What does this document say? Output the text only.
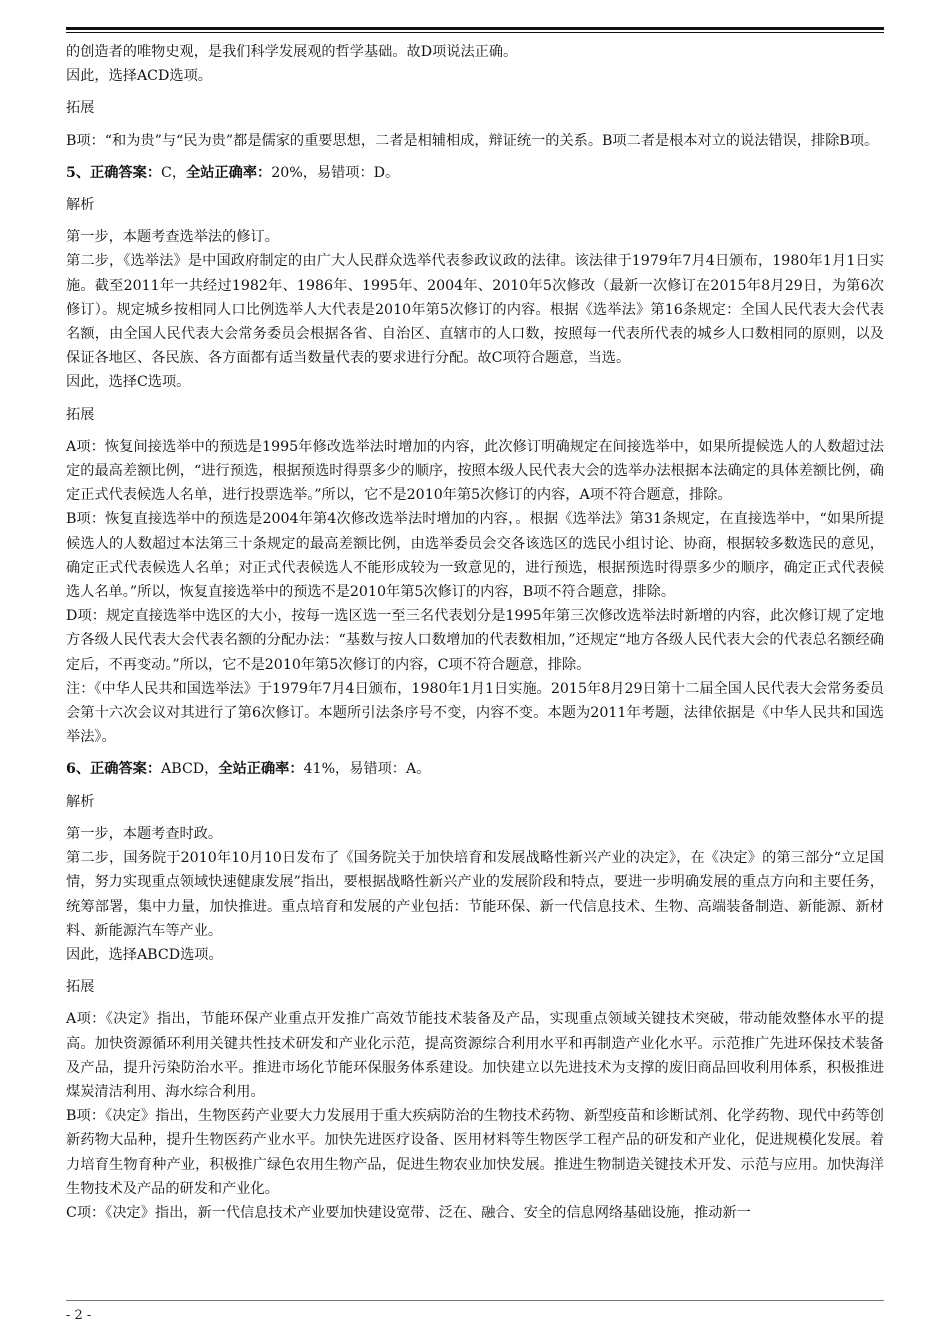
的创造者的唯物史观，是我们科学发展观的哲学基础。故D项说法正确。

因此，选择ACD选项。

拓展

B项：“和为贵”与“民为贵”都是儒家的重要思想，二者是相辅相成，辩证统一的关系。B项二者是根本对立的说法错误，排除B项。

5、正确答案：C，全站正确率：20%，易错项：D。

解析

第一步，本题考查选举法的修订。

第二步，《选举法》是中国政府制定的由广大人民群众选举代表参政议政的法律。该法律于1979年7月4日颁布，1980年1月1日实施。截至2011年一共经过1982年、1986年、1995年、2004年、2010年5次修改（最新一次修订在2015年8月29日，为第6次修订）。规定城乡按相同人口比例选举人大代表是2010年第5次修订的内容。根据《选举法》第16条规定：全国人民代表大会代表名额，由全国人民代表大会常务委员会根据各省、自治区、直辖市的人口数，按照每一代表所代表的城乡人口数相同的原则，以及保证各地区、各民族、各方面都有适当数量代表的要求进行分配。故C项符合题意，当选。

因此，选择C选项。

拓展

A项：恢复间接选举中的预选是1995年修改选举法时增加的内容，此次修订明确规定在间接选举中，如果所提候选人的人数超过法定的最高差额比例，“进行预选，根据预选时得票多少的顺序，按照本级人民代表大会的选举办法根据本法确定的具体差额比例，确定正式代表候选人名单，进行投票选举。”所以，它不是2010年第5次修订的内容，A项不符合题意，排除。

B项：恢复直接选举中的预选是2004年第4次修改选举法时增加的内容，。根据《选举法》第31条规定，在直接选举中，“如果所提候选人的人数超过本法第三十条规定的最高差额比例，由选举委员会交各该选区的选民小组讨论、协商，根据较多数选民的意见，确定正式代表候选人名单；对正式代表候选人不能形成较为一致意见的，进行预选，根据预选时得票多少的顺序，确定正式代表候选人名单。”所以，恢复直接选举中的预选不是2010年第5次修订的内容，B项不符合题意，排除。

D项：规定直接选举中选区的大小，按每一选区选一至三名代表划分是1995年第三次修改选举法时新增的内容，此次修订规了定地方各级人民代表大会代表名额的分配办法：“基数与按人口数增加的代表数相加，”还规定“地方各级人民代表大会的代表总名额经确定后，不再变动。”所以，它不是2010年第5次修订的内容，C项不符合题意，排除。

注：《中华人民共和国选举法》于1979年7月4日颁布，1980年1月1日实施。2015年8月29日第十二届全国人民代表大会常务委员会第十六次会议对其进行了第6次修订。本题所引法条序号不变，内容不变。本题为2011年考题，法律依据是《中华人民共和国选举法》。

6、正确答案：ABCD，全站正确率：41%，易错项：A。

解析

第一步，本题考查时政。

第二步，国务院于2010年10月10日发布了《国务院关于加快培育和发展战略性新兴产业的决定》，在《决定》的第三部分“立足国情，努力实现重点领域快速健康发展”指出，要根据战略性新兴产业的发展阶段和特点，要进一步明确发展的重点方向和主要任务，统筹部署，集中力量，加快推进。重点培育和发展的产业包括：节能环保、新一代信息技术、生物、高端装备制造、新能源、新材料、新能源汽车等产业。

因此，选择ABCD选项。

拓展

A项：《决定》指出，节能环保产业重点开发推广高效节能技术装备及产品，实现重点领域关键技术突破，带动能效整体水平的提高。加快资源循环利用关键共性技术研发和产业化示范，提高资源综合利用水平和再制造产业化水平。示范推广先进环保技术装备及产品，提升污染防治水平。推进市场化节能环保服务体系建设。加快建立以先进技术为支撑的废旧商品回收利用体系，积极推进煤炭清洁利用、海水综合利用。

B项：《决定》指出，生物医药产业要大力发展用于重大疾病防治的生物技术药物、新型疫苗和诊断试剂、化学药物、现代中药等创新药物大品种，提升生物医药产业水平。加快先进医疗设备、医用材料等生物医学工程产品的研发和产业化，促进规模化发展。着力培育生物育种产业，积极推广绿色农用生物产品，促进生物农业加快发展。推进生物制造关键技术开发、示范与应用。加快海洋生物技术及产品的研发和产业化。

C项：《决定》指出，新一代信息技术产业要加快建设宽带、泛在、融合、安全的信息网络基础设施，推动新一

- 2 -
